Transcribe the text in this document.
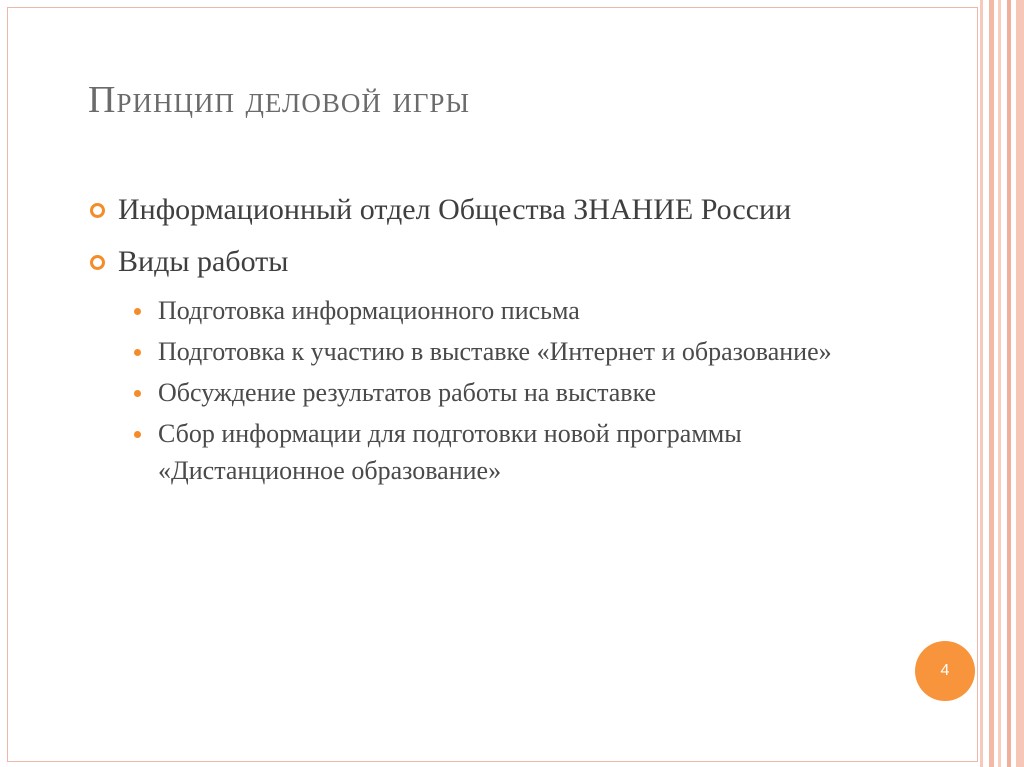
Принцип деловой игры
Информационный отдел Общества ЗНАНИЕ России
Виды работы
Подготовка информационного письма
Подготовка к участию в выставке «Интернет и образование»
Обсуждение результатов работы на выставке
Сбор информации для подготовки новой программы «Дистанционное образование»
4
